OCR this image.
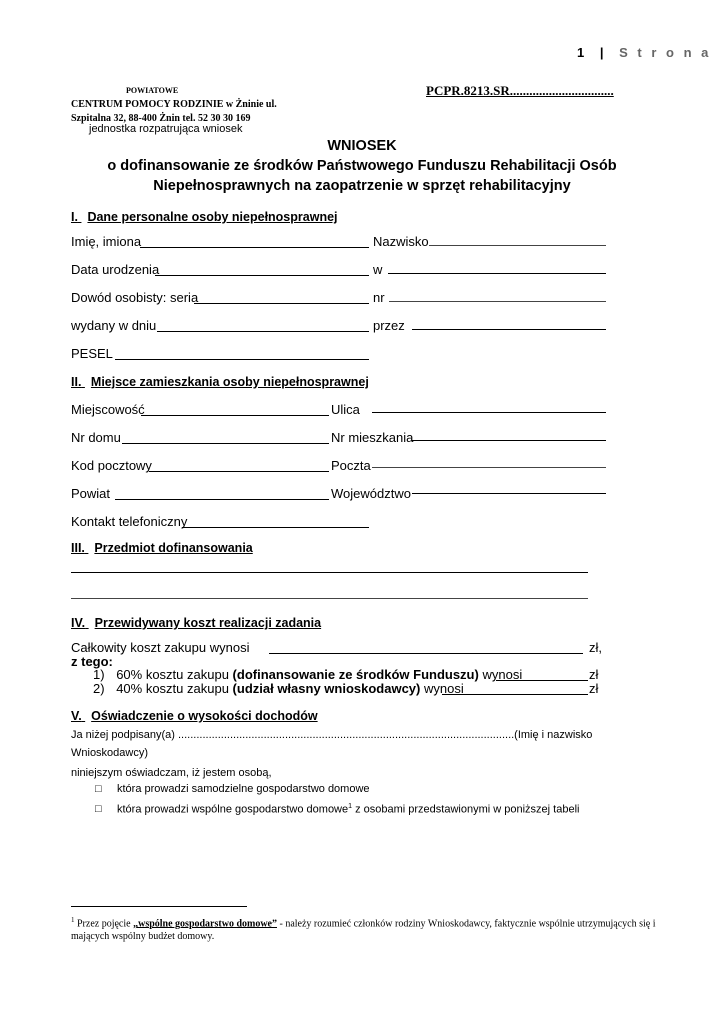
1 | S t r o n a
POWIATOWE
CENTRUM POMOCY RODZINIE w Żninie ul.
Szpitalna 32, 88-400 Żnin tel. 52 30 30 169
jednostka rozpatrująca wniosek
PCPR.8213.SR................................
WNIOSEK
o dofinansowanie ze środków Państwowego Funduszu Rehabilitacji Osób
Niepełnosprawnych na zaopatrzenie w sprzęt rehabilitacyjny
I. Dane personalne osoby niepełnosprawnej
Imię, imiona	Nazwisko
Data urodzenia	w
Dowód osobisty: seria	nr
wydany w dniu	przez
PESEL
II. Miejsce zamieszkania osoby niepełnosprawnej
Miejscowość	Ulica
Nr domu	Nr mieszkania
Kod pocztowy	Poczta
Powiat	Województwo
Kontakt telefoniczny
III. Przedmiot dofinansowania
IV. Przewidywany koszt realizacji zadania
Całkowity koszt zakupu wynosi	zł,
z tego:
1) 60% kosztu zakupu (dofinansowanie ze środków Funduszu) wynosi	zł
2) 40% kosztu zakupu (udział własny wnioskodawcy) wynosi	zł
V. Oświadczenie o wysokości dochodów
Ja niżej podpisany(a) ..............................................................................................................(Imię i nazwisko
Wnioskodawcy)
niniejszym oświadczam, iż jestem osobą,
□ która prowadzi samodzielne gospodarstwo domowe
□ która prowadzi wspólne gospodarstwo domowe$^1$ z osobami przedstawionymi w poniższej tabeli
$^1$ Przez pojęcie „wspólne gospodarstwo domowe” - należy rozumieć członków rodziny Wnioskodawcy, faktycznie wspólnie utrzymujących się i mających wspólny budżet domowy.
